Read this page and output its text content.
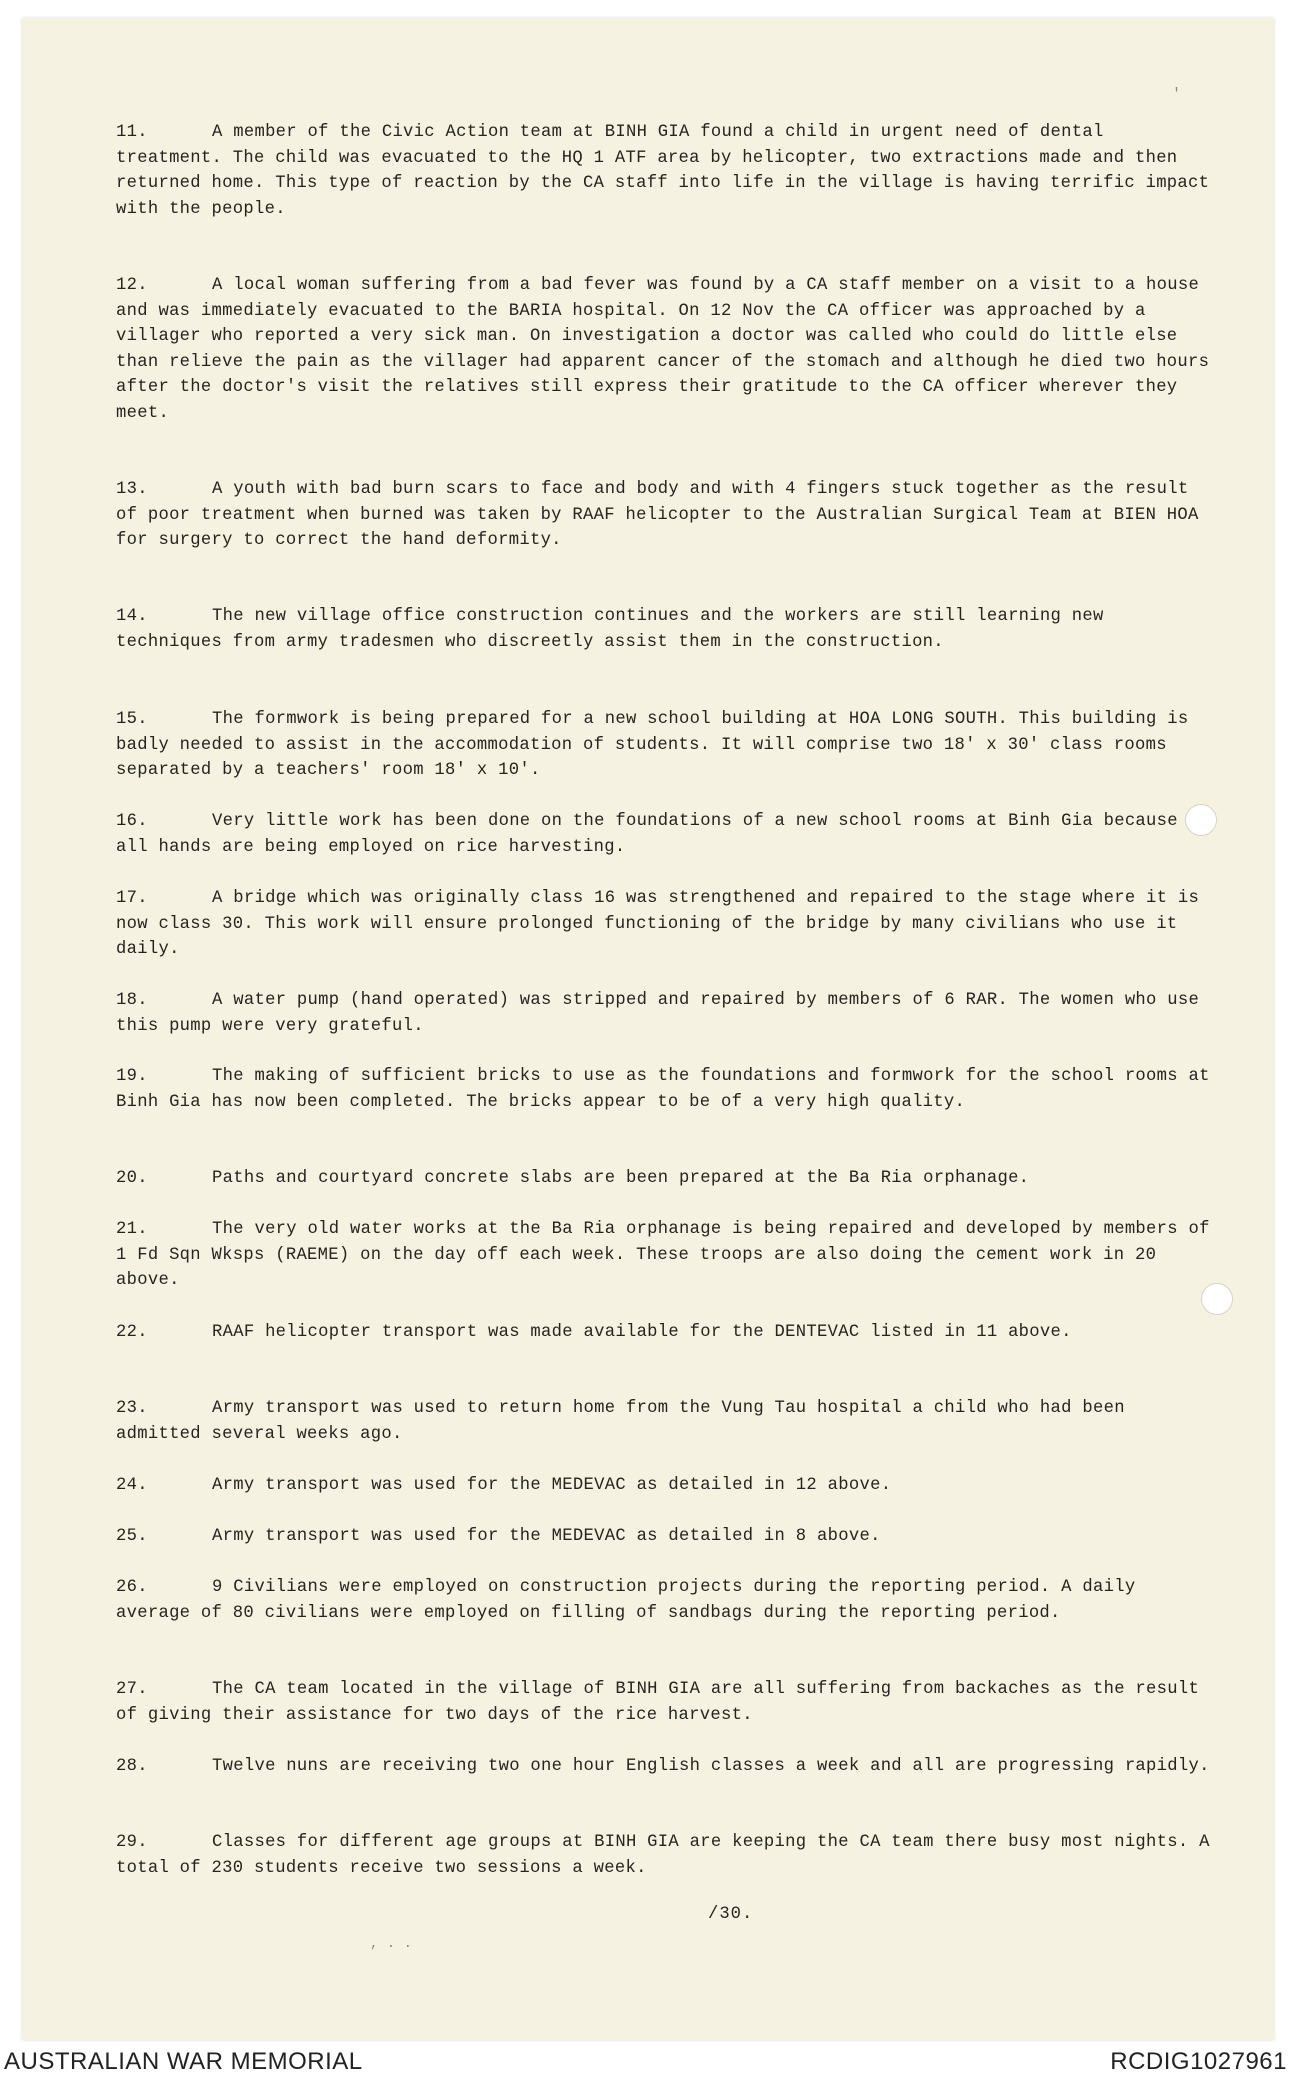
'
, . .

11.	A member of the Civic Action team at BINH GIA found a child in urgent need of dental treatment. The child was evacuated to the HQ 1 ATF area by helicopter, two extractions made and then returned home. This type of reaction by the CA staff into life in the village is having terrific impact with the people.

12.	A local woman suffering from a bad fever was found by a CA staff member on a visit to a house and was immediately evacuated to the BARIA hospital. On 12 Nov the CA officer was approached by a villager who reported a very sick man. On investigation a doctor was called who could do little else than relieve the pain as the villager had apparent cancer of the stomach and although he died two hours after the doctor's visit the relatives still express their gratitude to the CA officer wherever they meet.

13.	A youth with bad burn scars to face and body and with 4 fingers stuck together as the result of poor treatment when burned was taken by RAAF helicopter to the Australian Surgical Team at BIEN HOA for surgery to correct the hand deformity.

14.	The new village office construction continues and the workers are still learning new techniques from army tradesmen who discreetly assist them in the construction.

15.	The formwork is being prepared for a new school building at HOA LONG SOUTH. This building is badly needed to assist in the accommodation of students. It will comprise two 18' x 30' class rooms separated by a teachers' room 18' x 10'.

16.	Very little work has been done on the foundations of a new school rooms at Binh Gia because all hands are being employed on rice harvesting.

17.	A bridge which was originally class 16 was strengthened and repaired to the stage where it is now class 30. This work will ensure prolonged functioning of the bridge by many civilians who use it daily.

18.	A water pump (hand operated) was stripped and repaired by members of 6 RAR. The women who use this pump were very grateful.

19.	The making of sufficient bricks to use as the foundations and formwork for the school rooms at Binh Gia has now been completed. The bricks appear to be of a very high quality.

20.	Paths and courtyard concrete slabs are been prepared at the Ba Ria orphanage.

21.	The very old water works at the Ba Ria orphanage is being repaired and developed by members of 1 Fd Sqn Wksps (RAEME) on the day off each week. These troops are also doing the cement work in 20 above.

22.	RAAF helicopter transport was made available for the DENTEVAC listed in 11 above.

23.	Army transport was used to return home from the Vung Tau hospital a child who had been admitted several weeks ago.

24.	Army transport was used for the MEDEVAC as detailed in 12 above.

25.	Army transport was used for the MEDEVAC as detailed in 8 above.

26.	9 Civilians were employed on construction projects during the reporting period. A daily average of 80 civilians were employed on filling of sandbags during the reporting period.

27.	The CA team located in the village of BINH GIA are all suffering from backaches as the result of giving their assistance for two days of the rice harvest.

28.	Twelve nuns are receiving two one hour English classes a week and all are progressing rapidly.

29.	Classes for different age groups at BINH GIA are keeping the CA team there busy most nights. A total of 230 students receive two sessions a week.

/30.
AUSTRALIAN WAR MEMORIAL	RCDIG1027961
